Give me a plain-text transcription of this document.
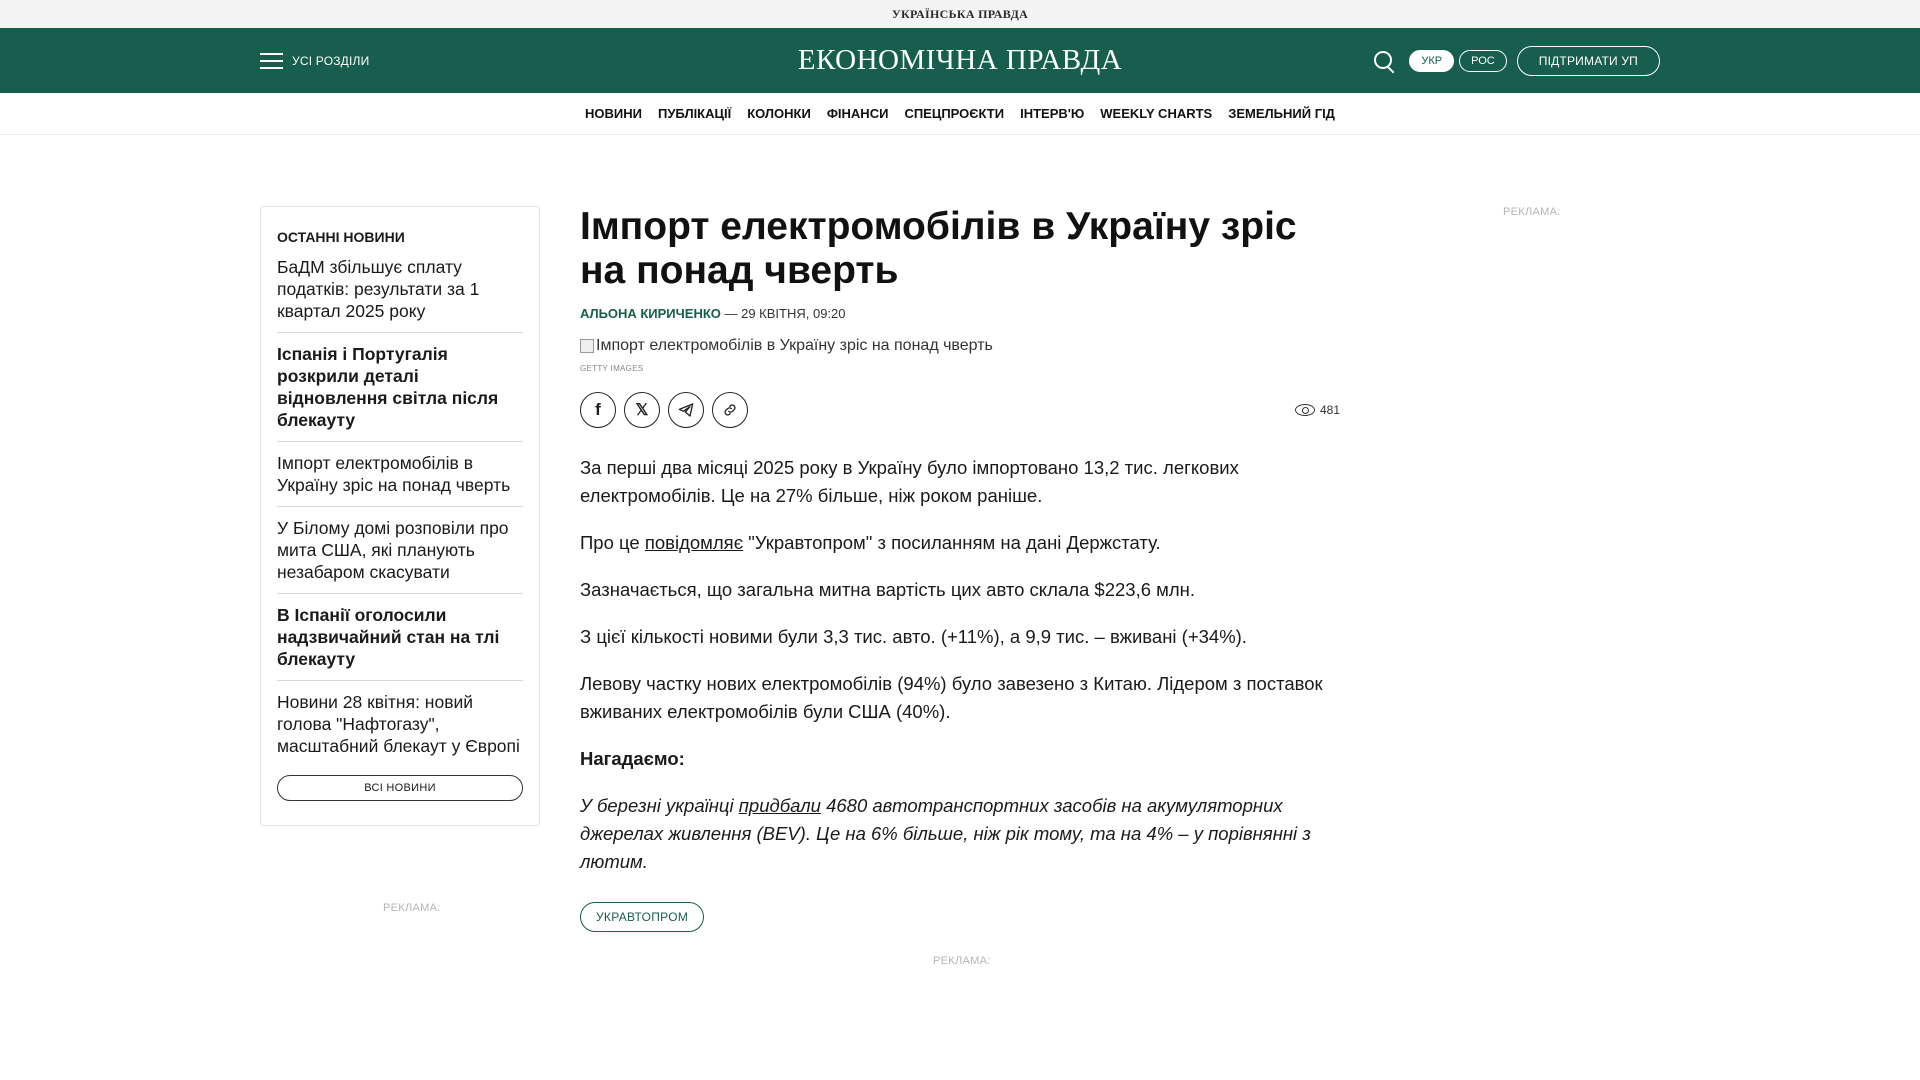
УКРАЇНСЬКА ПРАВДА
УСІ РОЗДІЛИ	ЕКОНОМІЧНА ПРАВДА	УКР	РОС	ПІДТРИМАТИ УП
НОВИНИ ПУБЛІКАЦІЇ КОЛОНКИ ФІНАНСИ СПЕЦПРОЄКТИ ІНТЕРВ'Ю WEEKLY CHARTS ЗЕМЕЛЬНИЙ ГІД
ОСТАННІ НОВИНИ
БаДМ збільшує сплату податків: результати за 1 квартал 2025 року
Іспанія і Португалія розкрили деталі відновлення світла після блекауту
Імпорт електромобілів в Україну зріс на понад чверть
У Білому домі розповіли про мита США, які планують незабаром скасувати
В Іспанії оголосили надзвичайний стан на тлі блекауту
Новини 28 квітня: новий голова "Нафтогазу", масштабний блекаут у Європі
ВСІ НОВИНИ
РЕКЛАМА:
РЕКЛАМА:
РЕКЛАМА:
Імпорт електромобілів в Україну зріс на понад чверть
АЛЬОНА КИРИЧЕНКО — 29 КВІТНЯ, 09:20
Імпорт електромобілів в Україну зріс на понад чверть
GETTY IMAGES
f	𝕏	481

За перші два місяці 2025 року в Україну було імпортовано 13,2 тис. легкових електромобілів. Це на 27% більше, ніж роком раніше.

Про це повідомляє "Укравтопром" з посиланням на дані Держстату.

Зазначається, що загальна митна вартість цих авто склала $223,6 млн.

З цієї кількості новими були 3,3 тис. авто. (+11%), а 9,9 тис. – вживані (+34%).

Левову частку нових електромобілів (94%) було завезено з Китаю. Лідером з поставок вживаних електромобілів були США (40%).

Нагадаємо:

У березні українці придбали 4680 автотранспортних засобів на акумуляторних джерелах живлення (BEV). Це на 6% більше, ніж рік тому, та на 4% – у порівнянні з лютим.

УКРАВТОПРОМ
